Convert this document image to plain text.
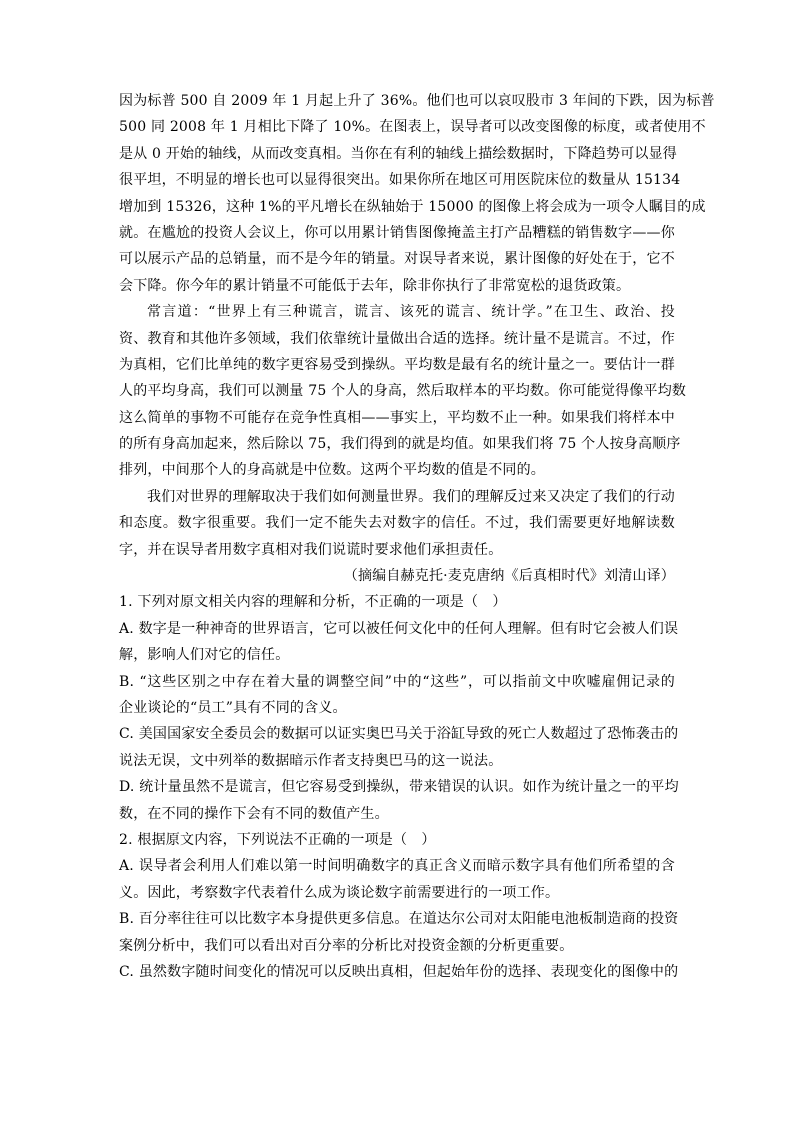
因为标普 500 自 2009 年 1 月起上升了 36%。他们也可以哀叹股市 3 年间的下跌，因为标普
500 同 2008 年 1 月相比下降了 10%。在图表上，误导者可以改变图像的标度，或者使用不
是从 0 开始的轴线，从而改变真相。当你在有利的轴线上描绘数据时，下降趋势可以显得
很平坦，不明显的增长也可以显得很突出。如果你所在地区可用医院床位的数量从 15134
增加到 15326，这种 1%的平凡增长在纵轴始于 15000 的图像上将会成为一项令人瞩目的成
就。在尴尬的投资人会议上，你可以用累计销售图像掩盖主打产品糟糕的销售数字——你
可以展示产品的总销量，而不是今年的销量。对误导者来说，累计图像的好处在于，它不
会下降。你今年的累计销量不可能低于去年，除非你执行了非常宽松的退货政策。
常言道：“世界上有三种谎言，谎言、该死的谎言、统计学。”在卫生、政治、投
资、教育和其他许多领域，我们依靠统计量做出合适的选择。统计量不是谎言。不过，作
为真相，它们比单纯的数字更容易受到操纵。平均数是最有名的统计量之一。要估计一群
人的平均身高，我们可以测量 75 个人的身高，然后取样本的平均数。你可能觉得像平均数
这么简单的事物不可能存在竞争性真相——事实上，平均数不止一种。如果我们将样本中
的所有身高加起来，然后除以 75，我们得到的就是均值。如果我们将 75 个人按身高顺序
排列，中间那个人的身高就是中位数。这两个平均数的值是不同的。
我们对世界的理解取决于我们如何测量世界。我们的理解反过来又决定了我们的行动
和态度。数字很重要。我们一定不能失去对数字的信任。不过，我们需要更好地解读数
字，并在误导者用数字真相对我们说谎时要求他们承担责任。
（摘编自赫克托·麦克唐纳《后真相时代》刘清山译）
1. 下列对原文相关内容的理解和分析，不正确的一项是（　）
A. 数字是一种神奇的世界语言，它可以被任何文化中的任何人理解。但有时它会被人们误
解，影响人们对它的信任。
B. “这些区别之中存在着大量的调整空间”中的“这些”，可以指前文中吹嘘雇佣记录的
企业谈论的“员工”具有不同的含义。
C. 美国国家安全委员会的数据可以证实奥巴马关于浴缸导致的死亡人数超过了恐怖袭击的
说法无误，文中列举的数据暗示作者支持奥巴马的这一说法。
D. 统计量虽然不是谎言，但它容易受到操纵，带来错误的认识。如作为统计量之一的平均
数，在不同的操作下会有不同的数值产生。
2. 根据原文内容，下列说法不正确的一项是（　）
A. 误导者会利用人们难以第一时间明确数字的真正含义而暗示数字具有他们所希望的含
义。因此，考察数字代表着什么成为谈论数字前需要进行的一项工作。
B. 百分率往往可以比数字本身提供更多信息。在道达尔公司对太阳能电池板制造商的投资
案例分析中，我们可以看出对百分率的分析比对投资金额的分析更重要。
C. 虽然数字随时间变化的情况可以反映出真相，但起始年份的选择、表现变化的图像中的
